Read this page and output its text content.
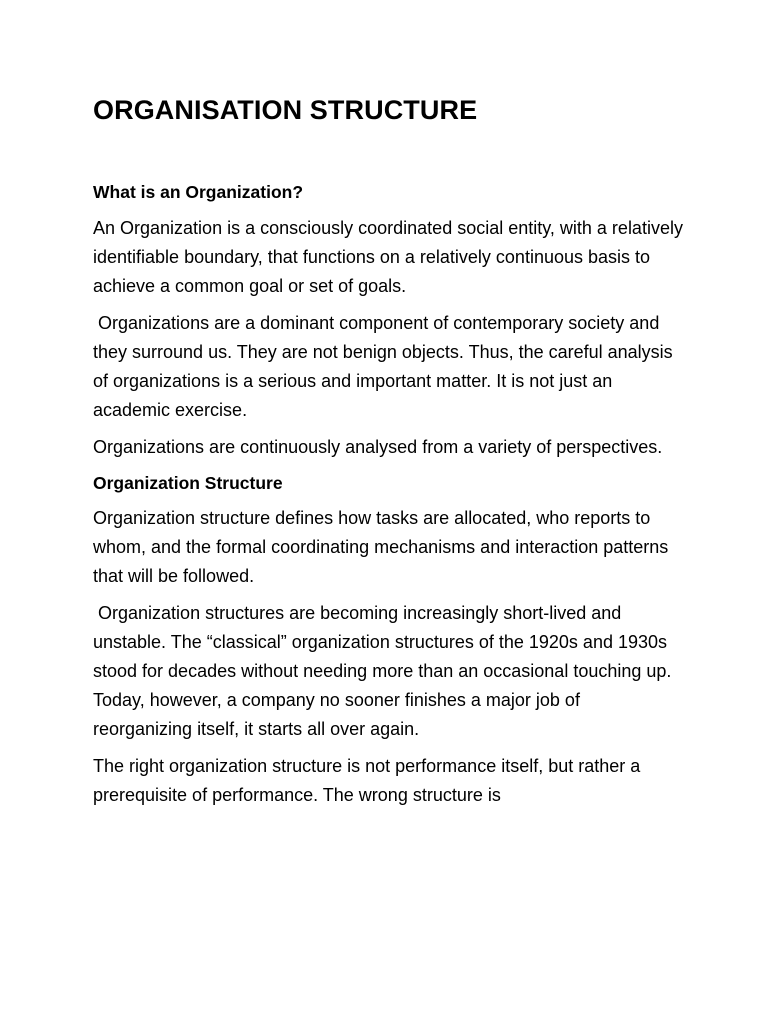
ORGANISATION STRUCTURE
What is an Organization?

An Organization is a consciously coordinated social entity, with a relatively identifiable boundary, that functions on a relatively continuous basis to achieve a common goal or set of goals.

Organizations are a dominant component of contemporary society and they surround us. They are not benign objects. Thus, the careful analysis of organizations is a serious and important matter. It is not just an academic exercise.

Organizations are continuously analysed from a variety of perspectives.

Organization Structure

Organization structure defines how tasks are allocated, who reports to whom, and the formal coordinating mechanisms and interaction patterns that will be followed.

Organization structures are becoming increasingly short-lived and unstable. The “classical” organization structures of the 1920s and 1930s stood for decades without needing more than an occasional touching up. Today, however, a company no sooner finishes a major job of reorganizing itself, it starts all over again.

The right organization structure is not performance itself, but rather a prerequisite of performance. The wrong structure is
